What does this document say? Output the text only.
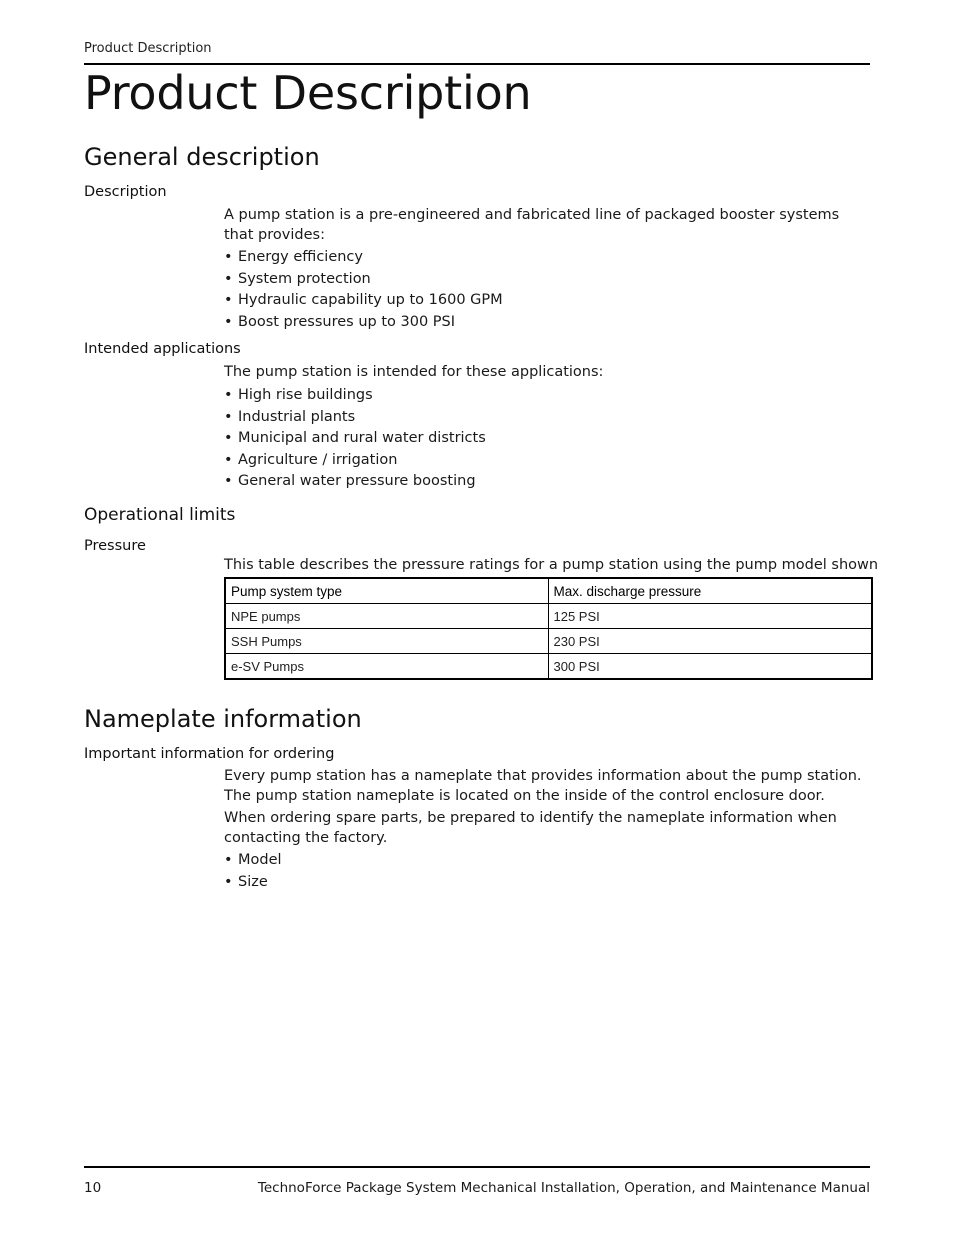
Product Description
Product Description
General description
Description

A pump station is a pre-engineered and fabricated line of packaged booster systems that provides:

• Energy efficiency
• System protection
• Hydraulic capability up to 1600 GPM
• Boost pressures up to 300 PSI
Intended applications

The pump station is intended for these applications:

• High rise buildings
• Industrial plants
• Municipal and rural water districts
• Agriculture / irrigation
• General water pressure boosting
Operational limits
Pressure

This table describes the pressure ratings for a pump station using the pump model shown

Pump system type	Max. discharge pressure
NPE pumps	125 PSI
SSH Pumps	230 PSI
e-SV Pumps	300 PSI
Nameplate information
Important information for ordering

Every pump station has a nameplate that provides information about the pump station. The pump station nameplate is located on the inside of the control enclosure door.

When ordering spare parts, be prepared to identify the nameplate information when contacting the factory.

• Model
• Size
10	TechnoForce Package System Mechanical Installation, Operation, and Maintenance Manual
